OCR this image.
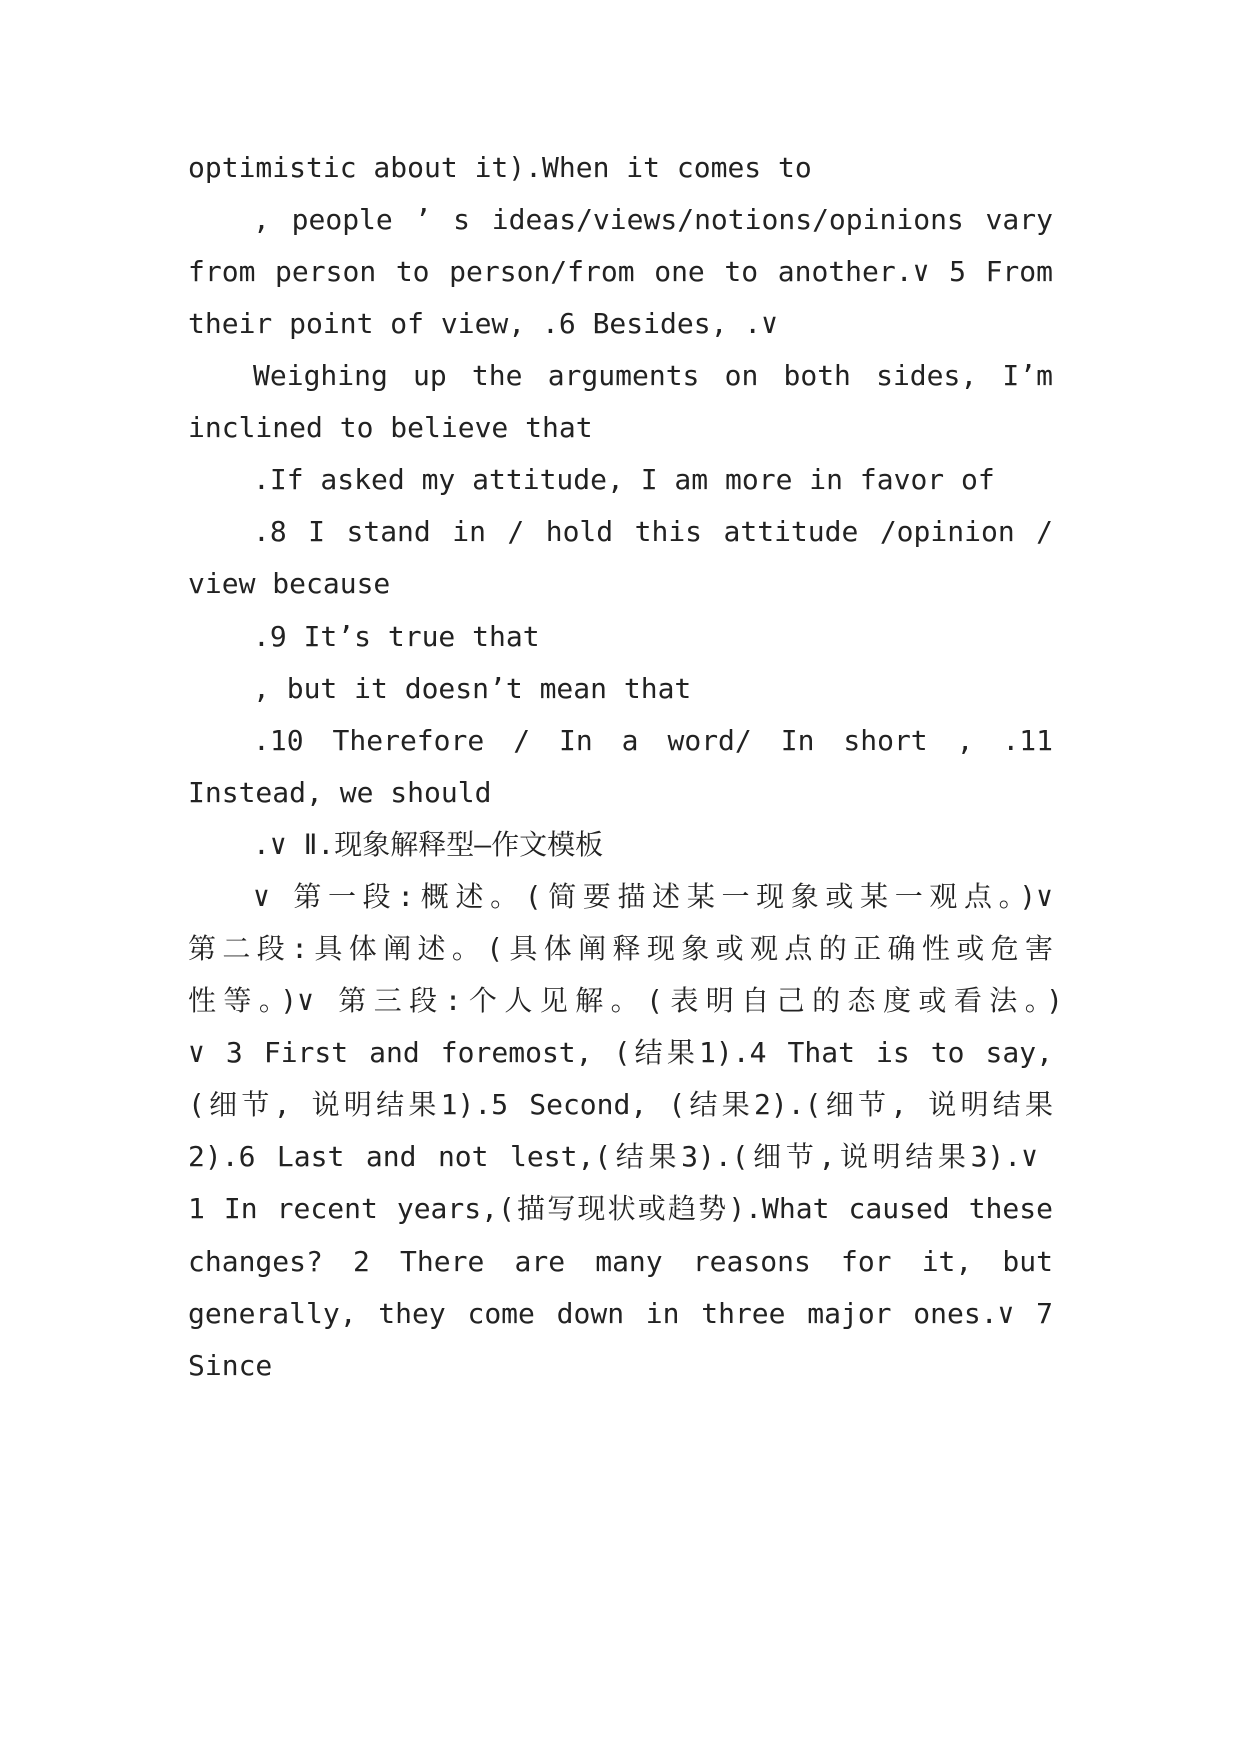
optimistic about it).When it comes to
, people ’ s ideas/views/notions/opinions vary
from person to person/from one to another.∨ 5 From
their point of view, .6 Besides, .∨
Weighing up the arguments on both sides, I’m
inclined to believe that
.If asked my attitude, I am more in favor of
.8 I stand in / hold this attitude /opinion /
view because
.9 It’s true that
, but it doesn’t mean that
.10 Therefore / In a word/ In short , .11
Instead, we should
.∨ Ⅱ.现象解释型—作文模板
∨ 第一段:概述。(简要描述某一现象或某一观点。)∨
第二段:具体阐述。(具体阐释现象或观点的正确性或危害
性等。)∨ 第三段:个人见解。(表明自己的态度或看法。)
∨ 3 First and foremost, (结果1).4 That is to say,
(细节, 说明结果1).5 Second, (结果2).(细节, 说明结果
2).6 Last and not lest,(结果3).(细节,说明结果3).∨
1 In recent years,(描写现状或趋势).What caused these
changes? 2 There are many reasons for it, but
generally, they come down in three major ones.∨ 7
Since
